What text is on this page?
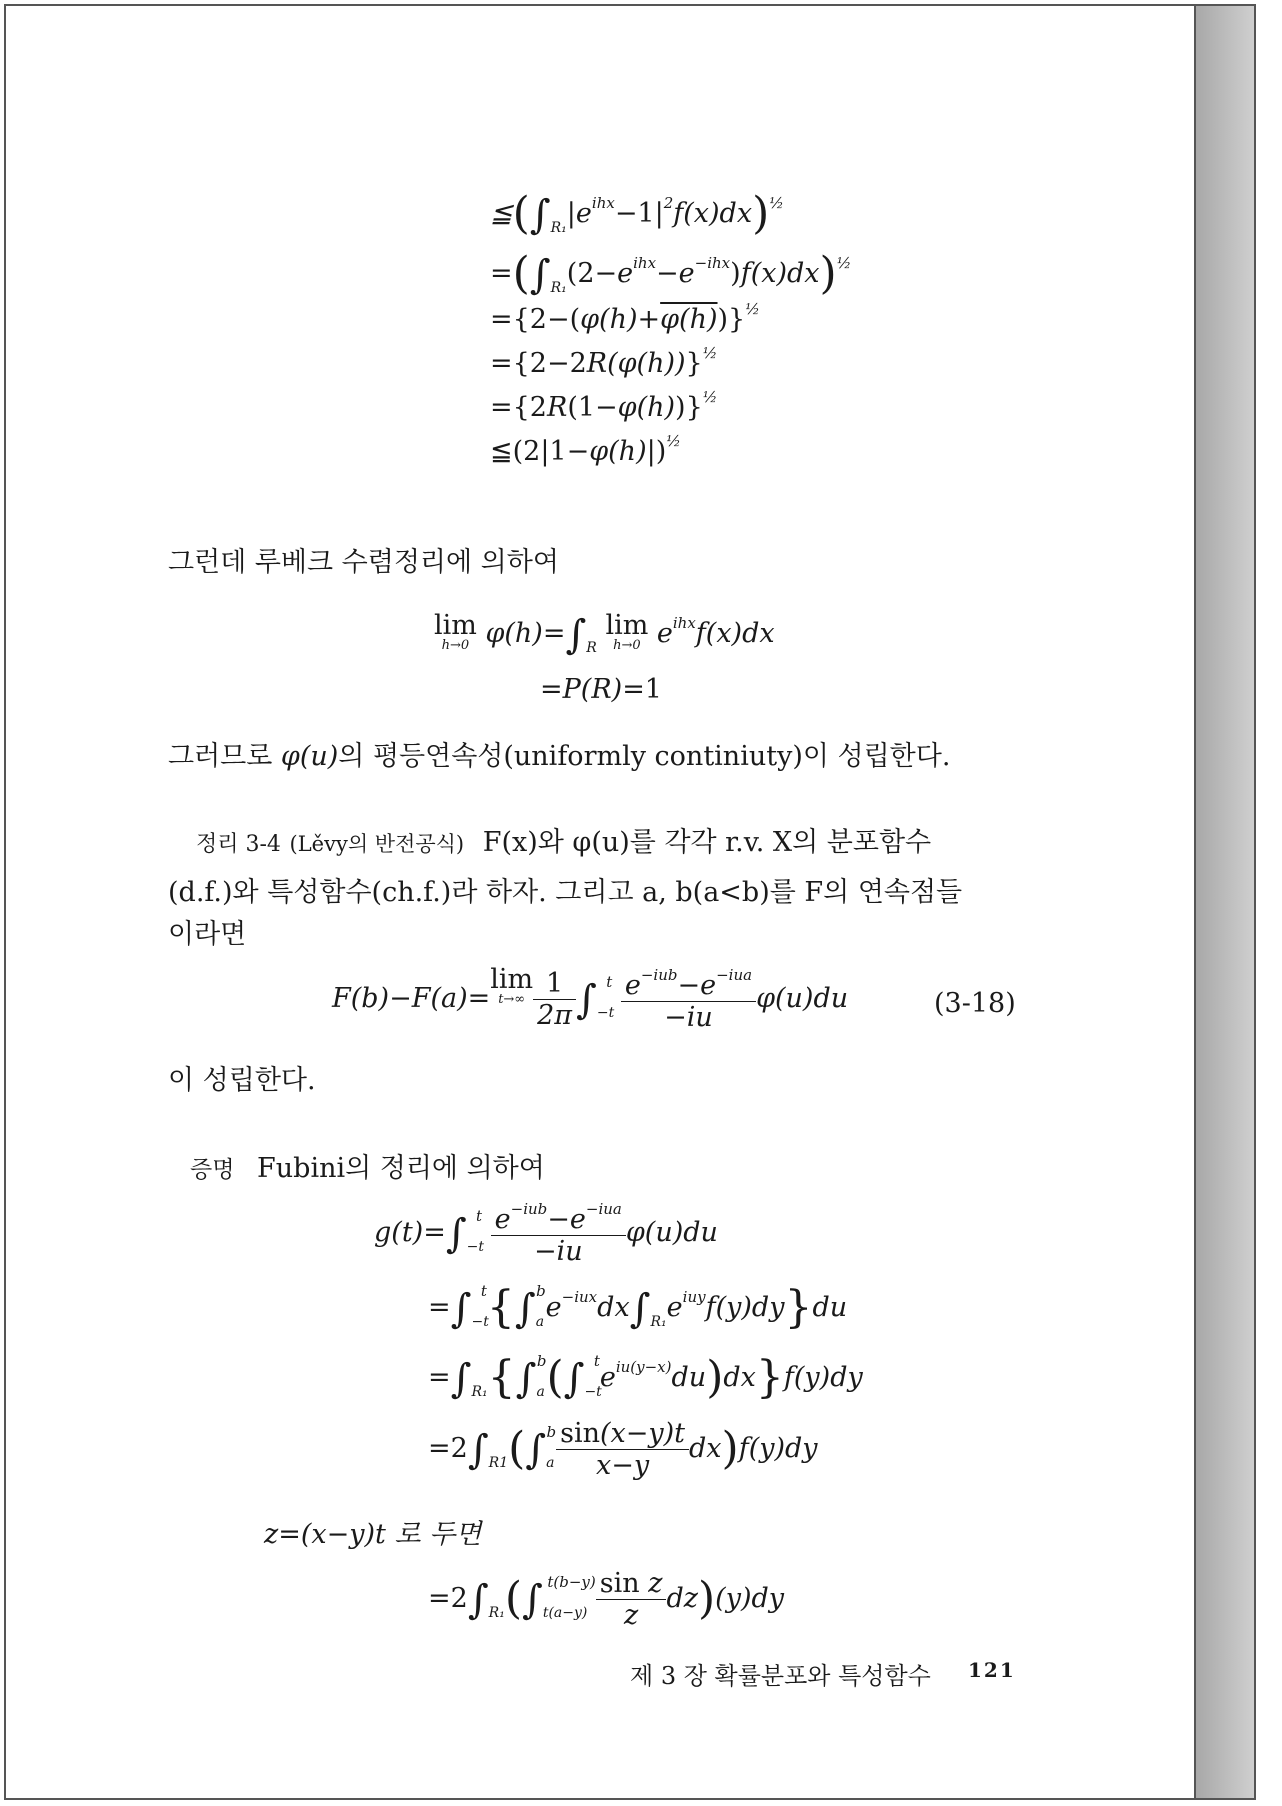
$≦(\int_{R_1}|e^{ihx}-1|^2f(x)dx)^{\frac{1}{2}}$
$=(\int_{R_1}(2-e^{ihx}-e^{-ihx})f(x)dx)^{\frac{1}{2}}$
$=\{2-(\varphi(h)+\varphi(h))\}^{\frac{1}{2}}$
$=\{2-2R(\varphi(h))\}^{\frac{1}{2}}$
$=\{2R(1-\varphi(h))\}^{\frac{1}{2}}$
$≦(2|1-\varphi(h)|)^{\frac{1}{2}}$
그런데 루베크 수렴정리에 의하여
lim
h→0 $\varphi(h)=\int_R$
lim
h→0 $e^{ihx}f(x)dx$
=P(R)=1
그러므로 φ(u)의 평등연속성(uniformly continiuty)이 성립한다.
정리 3-4 (Lěvy의 반전공식) F(x)와 φ(u)를 각각 r.v. X의 분포함수
(d.f.)와 특성함수(ch.f.)라 하자. 그리고 a, b(a<b)를 F의 연속점들
이라면
F(b)−F(a)=
lim
$t\to\infty \frac{1}{2\pi} \int_{-t}^t \frac{e^{-iub}-e^{-iua}}{-iu} \varphi(u)du$	(3-18)
이 성립한다.
증명 Fubini의 정리에 의하여
$g(t)=\int_{-t}^t \frac{e^{-iub}-e^{-iua}}{-iu} \varphi(u)du$
$=\int_{-t}^t\{\int_a^be^{-iux}dx\int_{R_1}e^{iuy}f(y)dy\}du$
$=\int_{R_1}\{\int_a^b(\int_{-t}^te^{iu(y-x)}du)dx\}f(y)dy$
$=2\int_{R1}(\int_a^b \frac{\sin(x-y)t}{x-y} dx)f(y)dy$
z=(x−y)t 로 두면
$=2\int_{R_1}(\int_{t(a-y)}^{t(b-y)} \frac{\text{sin z}}{z} dz)(y)dy$
제 3 장 확률분포와 특성함수 121
